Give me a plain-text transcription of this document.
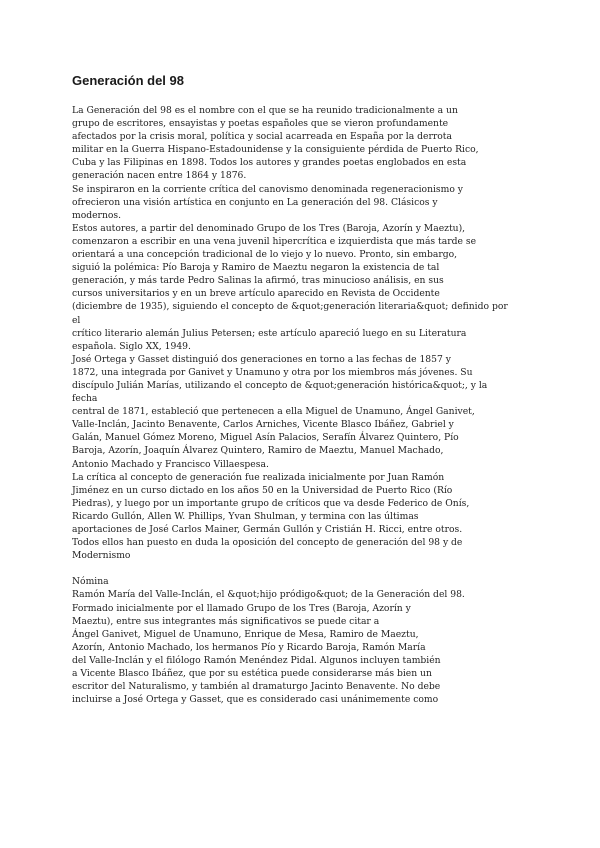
Generación del 98
La Generación del 98 es el nombre con el que se ha reunido tradicionalmente a un
grupo de escritores, ensayistas y poetas españoles que se vieron profundamente
afectados por la crisis moral, política y social acarreada en España por la derrota
militar en la Guerra Hispano-Estadounidense y la consiguiente pérdida de Puerto Rico,
Cuba y las Filipinas en 1898. Todos los autores y grandes poetas englobados en esta
generación nacen entre 1864 y 1876.
Se inspiraron en la corriente crítica del canovismo denominada regeneracionismo y
ofrecieron una visión artística en conjunto en La generación del 98. Clásicos y
modernos.
Estos autores, a partir del denominado Grupo de los Tres (Baroja, Azorín y Maeztu),
comenzaron a escribir en una vena juvenil hipercrítica e izquierdista que más tarde se
orientará a una concepción tradicional de lo viejo y lo nuevo. Pronto, sin embargo,
siguió la polémica: Pío Baroja y Ramiro de Maeztu negaron la existencia de tal
generación, y más tarde Pedro Salinas la afirmó, tras minucioso análisis, en sus
cursos universitarios y en un breve artículo aparecido en Revista de Occidente
(diciembre de 1935), siguiendo el concepto de &quot;generación literaria&quot; definido por
el
crítico literario alemán Julius Petersen; este artículo apareció luego en su Literatura
española. Siglo XX, 1949.
José Ortega y Gasset distinguió dos generaciones en torno a las fechas de 1857 y
1872, una integrada por Ganivet y Unamuno y otra por los miembros más jóvenes. Su
discípulo Julián Marías, utilizando el concepto de &quot;generación histórica&quot;, y la
fecha
central de 1871, estableció que pertenecen a ella Miguel de Unamuno, Ángel Ganivet,
Valle-Inclán, Jacinto Benavente, Carlos Arniches, Vicente Blasco Ibáñez, Gabriel y
Galán, Manuel Gómez Moreno, Miguel Asín Palacios, Serafín Álvarez Quintero, Pío
Baroja, Azorín, Joaquín Álvarez Quintero, Ramiro de Maeztu, Manuel Machado,
Antonio Machado y Francisco Villaespesa.
La crítica al concepto de generación fue realizada inicialmente por Juan Ramón
Jiménez en un curso dictado en los años 50 en la Universidad de Puerto Rico (Río
Piedras), y luego por un importante grupo de críticos que va desde Federico de Onís,
Ricardo Gullón, Allen W. Phillips, Yvan Shulman, y termina con las últimas
aportaciones de José Carlos Mainer, Germán Gullón y Cristián H. Ricci, entre otros.
Todos ellos han puesto en duda la oposición del concepto de generación del 98 y de
Modernismo
Nómina
Ramón María del Valle-Inclán, el &quot;hijo pródigo&quot; de la Generación del 98.
Formado inicialmente por el llamado Grupo de los Tres (Baroja, Azorín y
Maeztu), entre sus integrantes más significativos se puede citar a
Ángel Ganivet, Miguel de Unamuno, Enrique de Mesa, Ramiro de Maeztu,
Azorín, Antonio Machado, los hermanos Pío y Ricardo Baroja, Ramón María
del Valle-Inclán y el filólogo Ramón Menéndez Pidal. Algunos incluyen también
a Vicente Blasco Ibáñez, que por su estética puede considerarse más bien un
escritor del Naturalismo, y también al dramaturgo Jacinto Benavente. No debe
incluirse a José Ortega y Gasset, que es considerado casi unánimemente como
